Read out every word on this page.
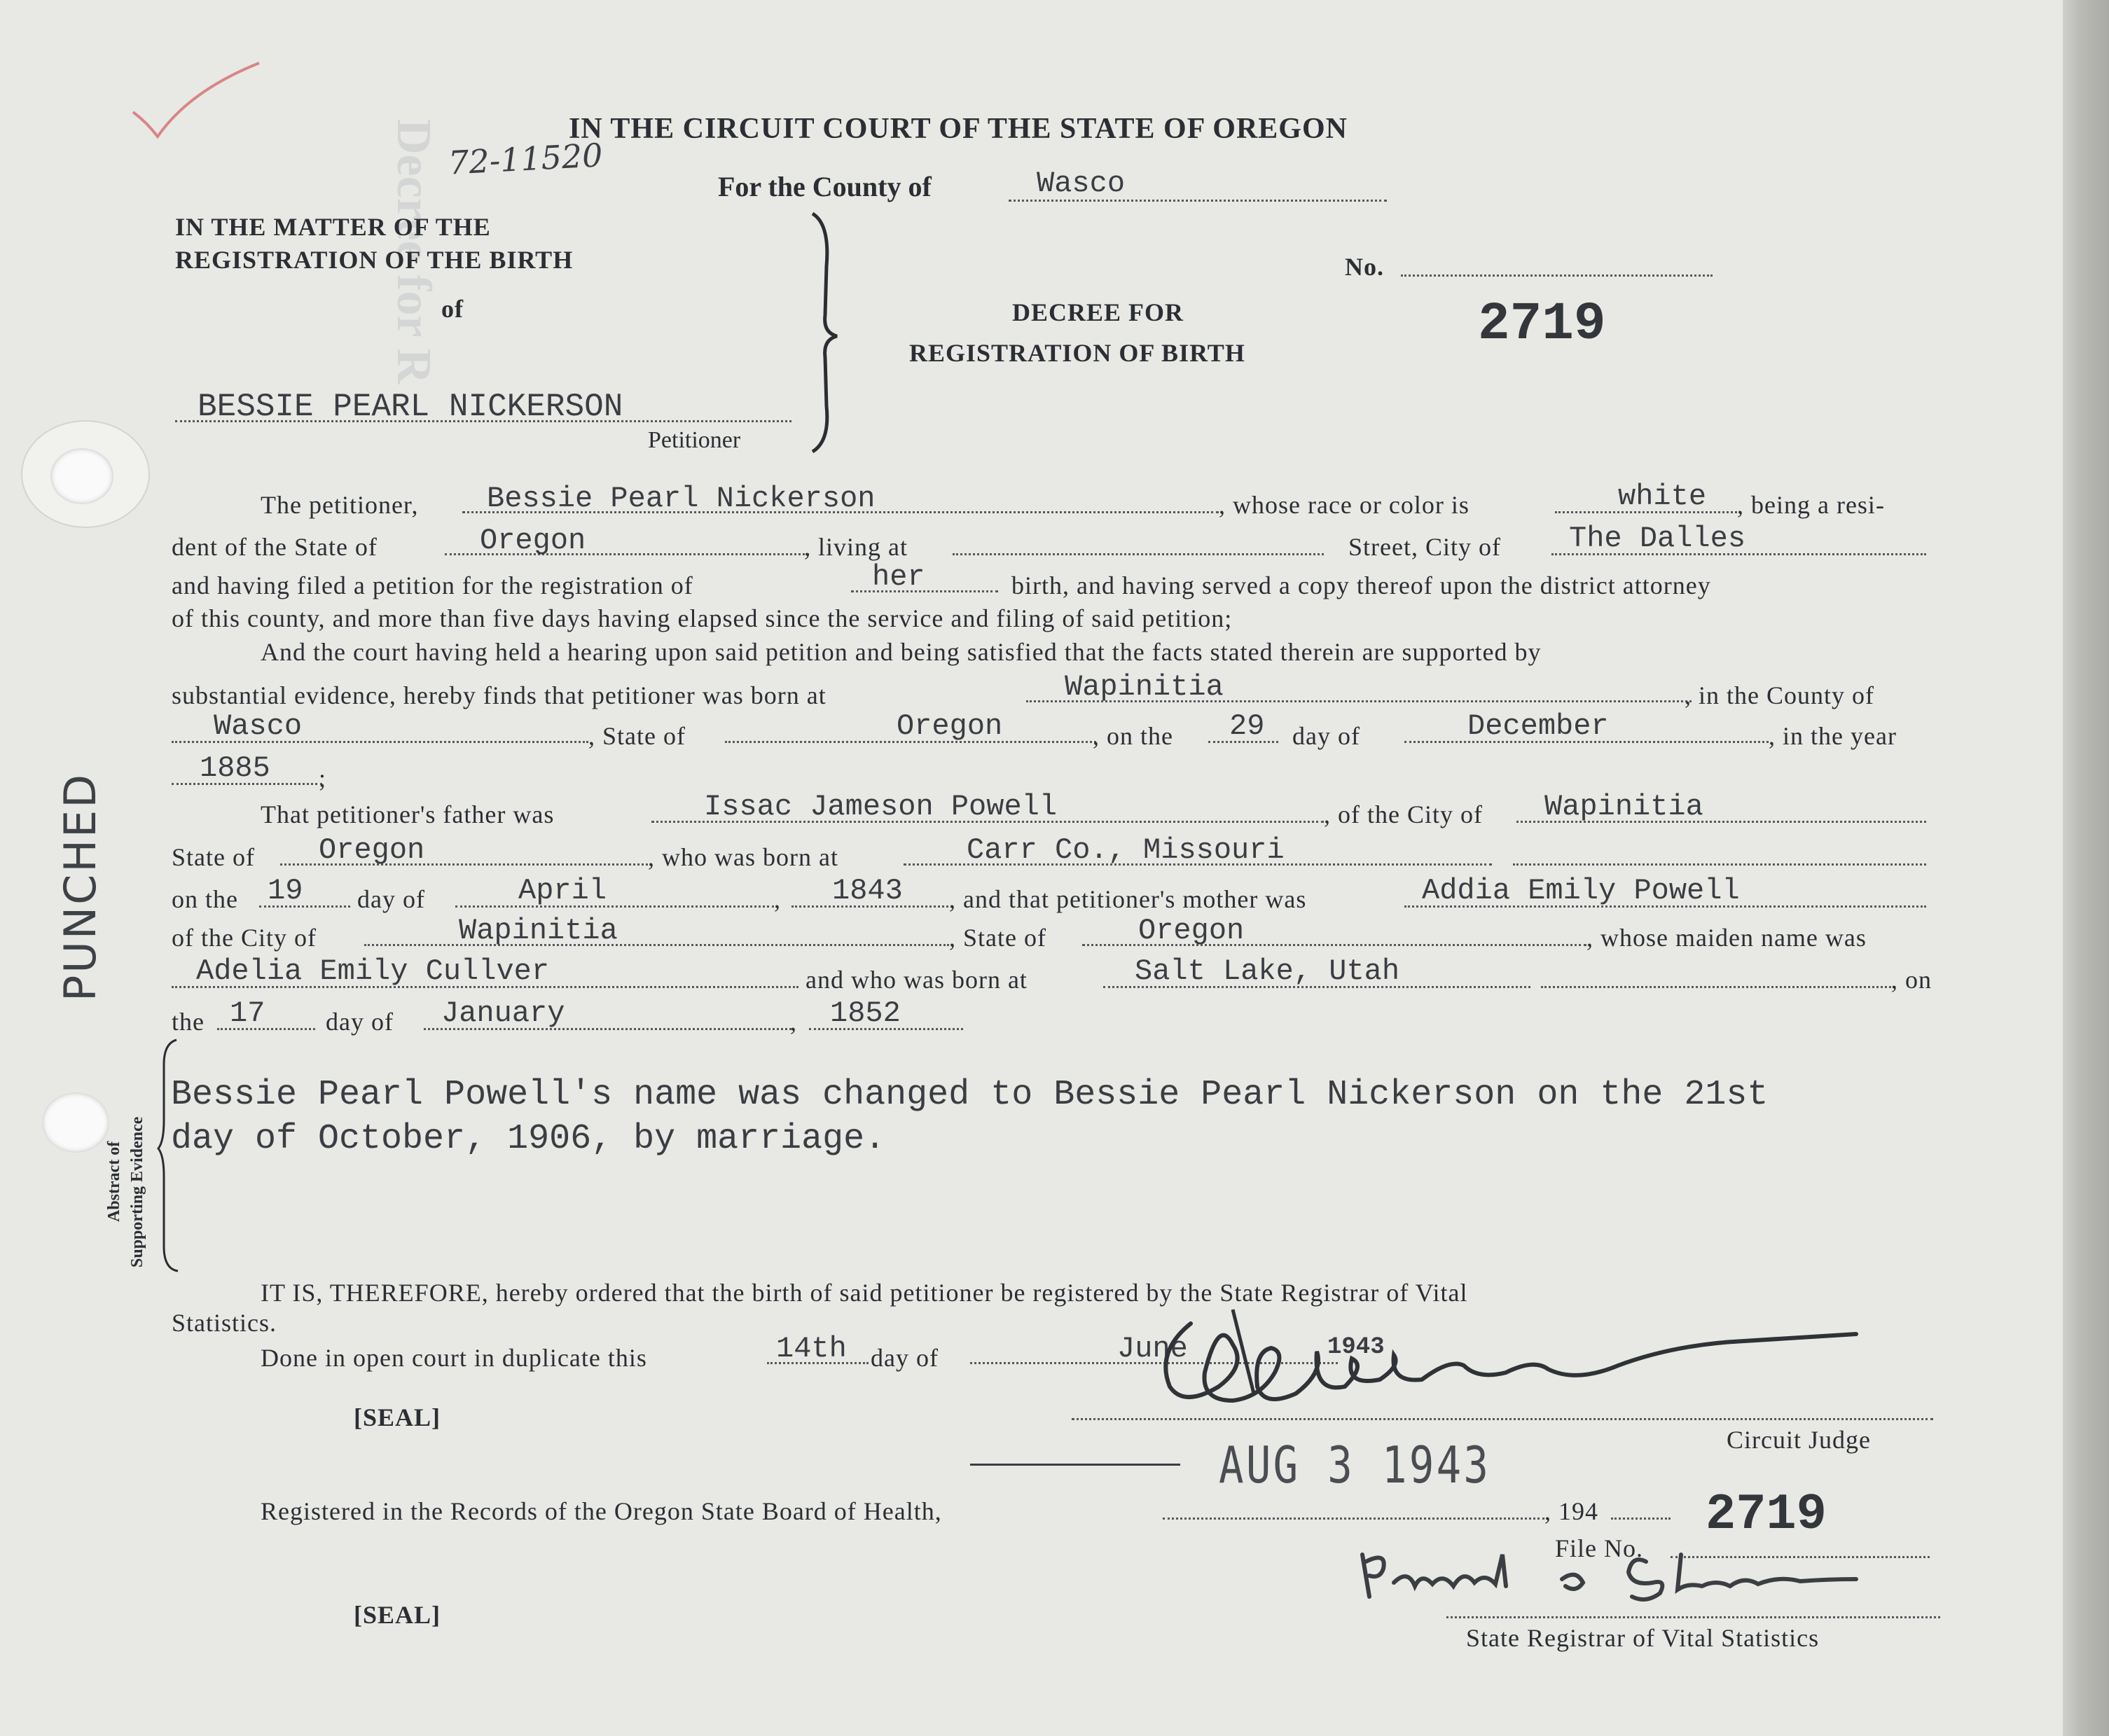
Decree for R	IN THE CIRCUIT COURT OF THE STATE OF OREGON
72-11520
For the County of	Wasco
IN THE MATTER OF THE
REGISTRATION OF THE BIRTH
of
BESSIE PEARL NICKERSON
Petitioner
DECREE FOR
REGISTRATION OF BIRTH
No.
2719
The petitioner, Bessie Pearl Nickerson	, whose race or color is	white , being a resi-
dent of the State of	Oregon	, living at	Street, City of The Dalles
and having filed a petition for the registration of	her	birth, and having served a copy thereof upon the district attorney
of this county, and more than five days having elapsed since the service and filing of said petition;
And the court having held a hearing upon said petition and being satisfied that the facts stated therein are supported by
substantial evidence, hereby finds that petitioner was born at	Wapinitia	, in the County of
Wasco	, State of	Oregon	, on the 29 day of	December	, in the year
1885 ;
That petitioner's father was	Issac Jameson Powell	, of the City of Wapinitia
State of Oregon	, who was born at	Carr Co., Missouri
on the 19 day of	April	, 1843 , and that petitioner's mother was	Addia Emily Powell
of the City of	Wapinitia	, State of	Oregon	, whose maiden name was
Adelia Emily Cullver	and who was born at	Salt Lake, Utah	, on
the 17 day of January	, 1852
Abstract of Supporting Evidence
Bessie Pearl Powell's name was changed to Bessie Pearl Nickerson on the 21st
day of October, 1906, by marriage.
IT IS, THEREFORE, hereby ordered that the birth of said petitioner be registered by the State Registrar of Vital
Statistics.
Done in open court in duplicate this	14th day of	June	1943
[SEAL]
Circuit Judge
AUG 3 1943
Registered in the Records of the Oregon State Board of Health,	, 194 2719
File No.
[SEAL]
State Registrar of Vital Statistics
PUNCHED
